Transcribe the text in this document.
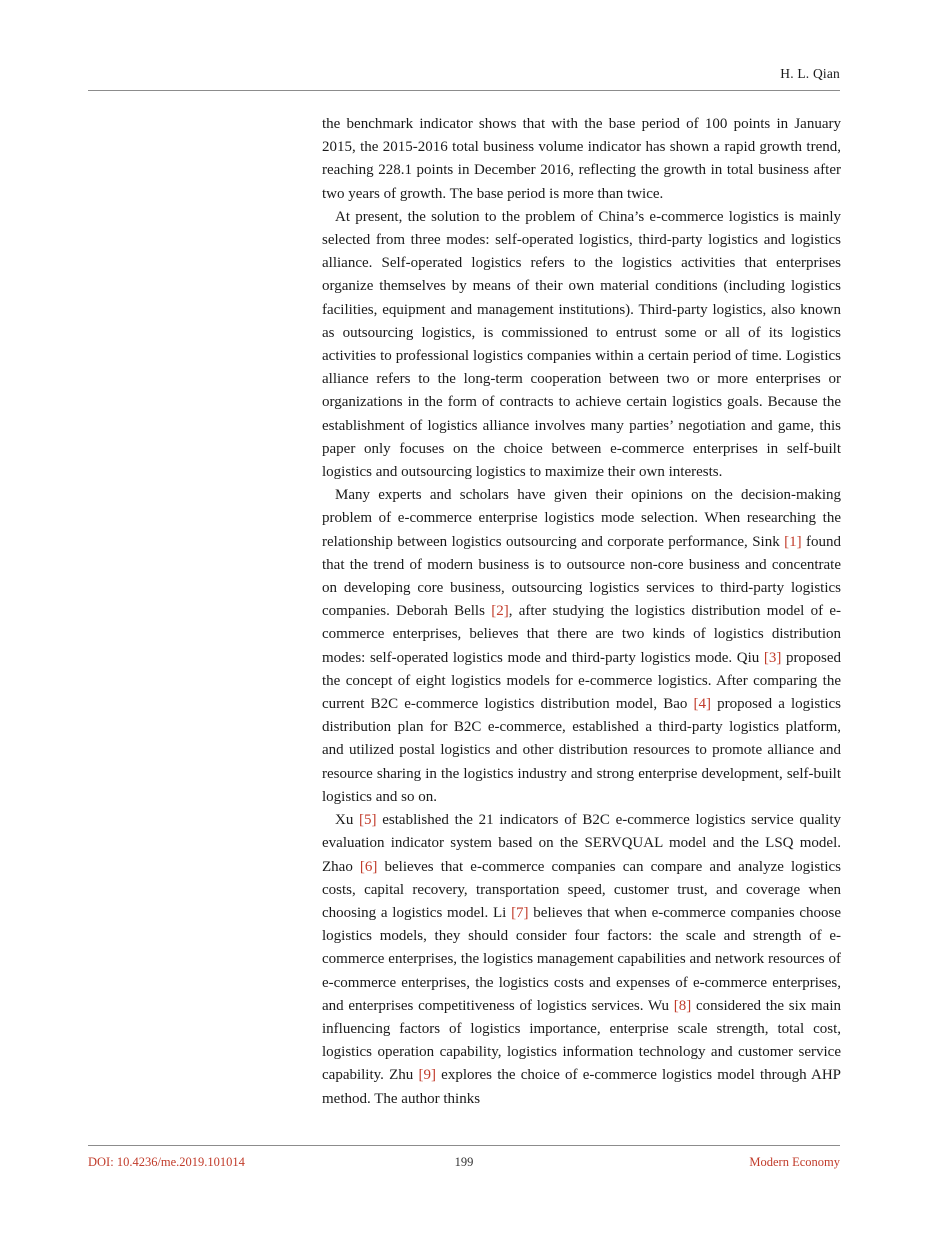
H. L. Qian

the benchmark indicator shows that with the base period of 100 points in January 2015, the 2015-2016 total business volume indicator has shown a rapid growth trend, reaching 228.1 points in December 2016, reflecting the growth in total business after two years of growth. The base period is more than twice.

At present, the solution to the problem of China’s e-commerce logistics is mainly selected from three modes: self-operated logistics, third-party logistics and logistics alliance. Self-operated logistics refers to the logistics activities that enterprises organize themselves by means of their own material conditions (including logistics facilities, equipment and management institutions). Third-party logistics, also known as outsourcing logistics, is commissioned to entrust some or all of its logistics activities to professional logistics companies within a certain period of time. Logistics alliance refers to the long-term cooperation between two or more enterprises or organizations in the form of contracts to achieve certain logistics goals. Because the establishment of logistics alliance involves many parties’ negotiation and game, this paper only focuses on the choice between e-commerce enterprises in self-built logistics and outsourcing logistics to maximize their own interests.

Many experts and scholars have given their opinions on the decision-making problem of e-commerce enterprise logistics mode selection. When researching the relationship between logistics outsourcing and corporate performance, Sink [1] found that the trend of modern business is to outsource non-core business and concentrate on developing core business, outsourcing logistics services to third-party logistics companies. Deborah Bells [2], after studying the logistics distribution model of e-commerce enterprises, believes that there are two kinds of logistics distribution modes: self-operated logistics mode and third-party logistics mode. Qiu [3] proposed the concept of eight logistics models for e-commerce logistics. After comparing the current B2C e-commerce logistics distribution model, Bao [4] proposed a logistics distribution plan for B2C e-commerce, established a third-party logistics platform, and utilized postal logistics and other distribution resources to promote alliance and resource sharing in the logistics industry and strong enterprise development, self-built logistics and so on.

Xu [5] established the 21 indicators of B2C e-commerce logistics service quality evaluation indicator system based on the SERVQUAL model and the LSQ model. Zhao [6] believes that e-commerce companies can compare and analyze logistics costs, capital recovery, transportation speed, customer trust, and coverage when choosing a logistics model. Li [7] believes that when e-commerce companies choose logistics models, they should consider four factors: the scale and strength of e-commerce enterprises, the logistics management capabilities and network resources of e-commerce enterprises, the logistics costs and expenses of e-commerce enterprises, and enterprises competitiveness of logistics services. Wu [8] considered the six main influencing factors of logistics importance, enterprise scale strength, total cost, logistics operation capability, logistics information technology and customer service capability. Zhu [9] explores the choice of e-commerce logistics model through AHP method. The author thinks

DOI: 10.4236/me.2019.101014	199	Modern Economy
